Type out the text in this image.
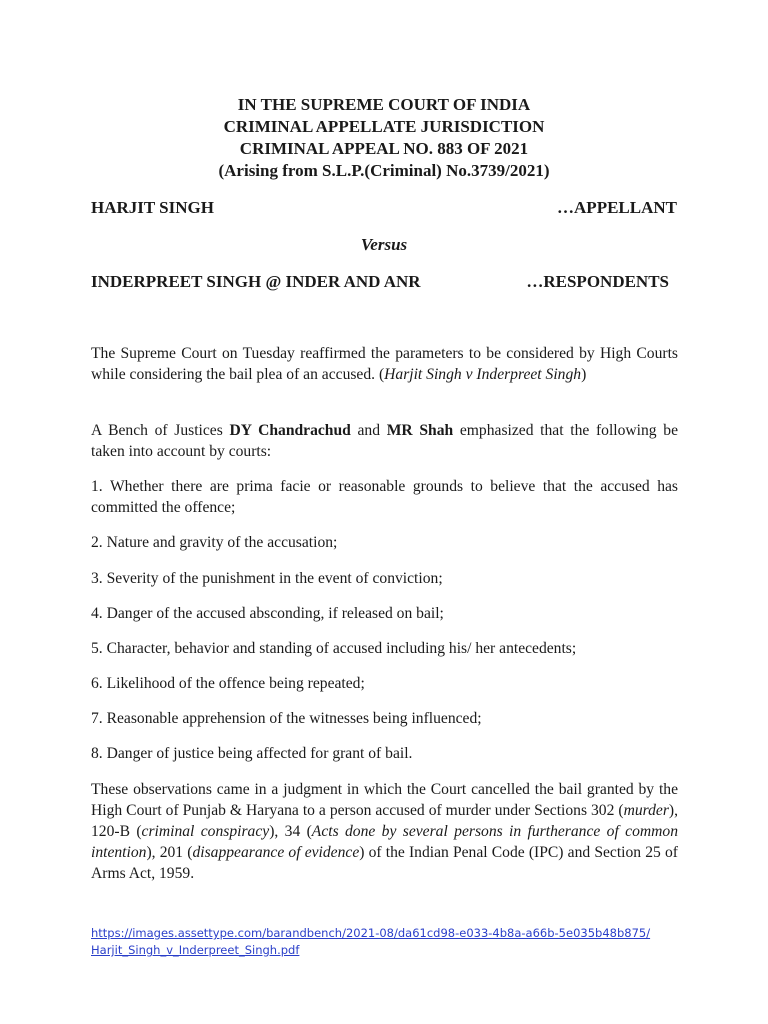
IN THE SUPREME COURT OF INDIA
CRIMINAL APPELLATE JURISDICTION
CRIMINAL APPEAL NO. 883 OF 2021
(Arising from S.L.P.(Criminal) No.3739/2021)
HARJIT SINGH	…APPELLANT
Versus
INDERPREET SINGH @ INDER AND ANR	…RESPONDENTS

The Supreme Court on Tuesday reaffirmed the parameters to be considered by High Courts while considering the bail plea of an accused. (Harjit Singh v Inderpreet Singh)

A Bench of Justices DY Chandrachud and MR Shah emphasized that the following be taken into account by courts:

1. Whether there are prima facie or reasonable grounds to believe that the accused has committed the offence;
2. Nature and gravity of the accusation;
3. Severity of the punishment in the event of conviction;
4. Danger of the accused absconding, if released on bail;
5. Character, behavior and standing of accused including his/ her antecedents;
6. Likelihood of the offence being repeated;
7. Reasonable apprehension of the witnesses being influenced;
8. Danger of justice being affected for grant of bail.

These observations came in a judgment in which the Court cancelled the bail granted by the High Court of Punjab & Haryana to a person accused of murder under Sections 302 (murder), 120-B (criminal conspiracy), 34 (Acts done by several persons in furtherance of common intention), 201 (disappearance of evidence) of the Indian Penal Code (IPC) and Section 25 of Arms Act, 1959.

https://images.assettype.com/barandbench/2021-08/da61cd98-e033-4b8a-a66b-5e035b48b875/
Harjit_Singh_v_Inderpreet_Singh.pdf
